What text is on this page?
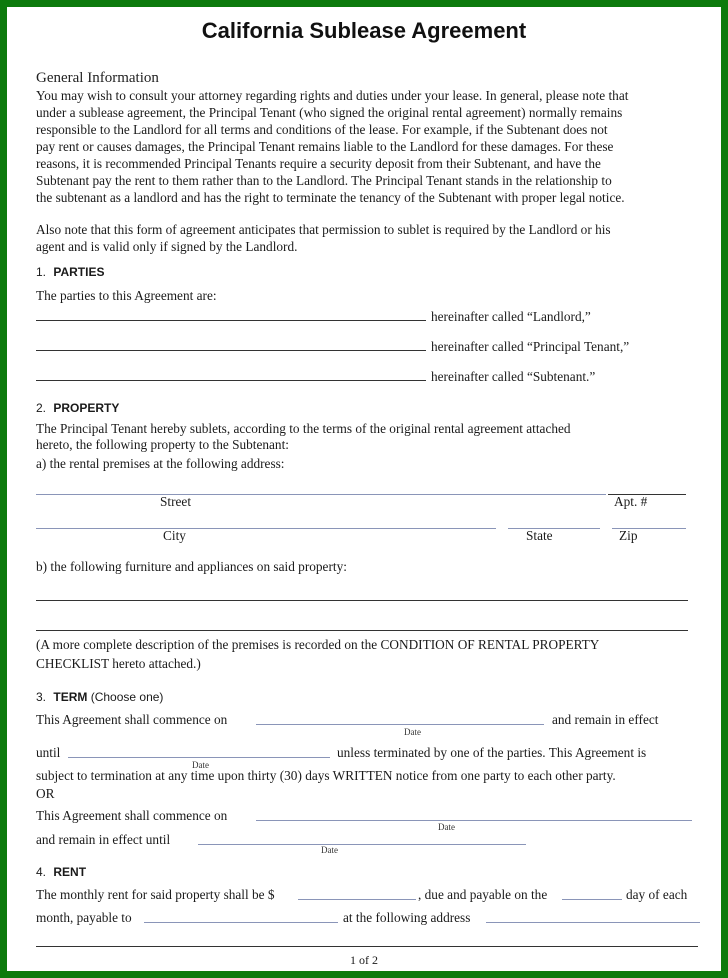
California Sublease Agreement
General Information
You may wish to consult your attorney regarding rights and duties under your lease. In general, please note that
under a sublease agreement, the Principal Tenant (who signed the original rental agreement) normally remains
responsible to the Landlord for all terms and conditions of the lease. For example, if the Subtenant does not
pay rent or causes damages, the Principal Tenant remains liable to the Landlord for these damages. For these
reasons, it is recommended Principal Tenants require a security deposit from their Subtenant, and have the
Subtenant pay the rent to them rather than to the Landlord. The Principal Tenant stands in the relationship to
the subtenant as a landlord and has the right to terminate the tenancy of the Subtenant with proper legal notice.
Also note that this form of agreement anticipates that permission to sublet is required by the Landlord or his
agent and is valid only if signed by the Landlord.
1. PARTIES
The parties to this Agreement are:
hereinafter called “Landlord,”
hereinafter called “Principal Tenant,”
hereinafter called “Subtenant.”
2. PROPERTY
The Principal Tenant hereby sublets, according to the terms of the original rental agreement attached
hereto, the following property to the Subtenant:
a) the rental premises at the following address:
Street	Apt. #
City	State	Zip
b) the following furniture and appliances on said property:
(A more complete description of the premises is recorded on the CONDITION OF RENTAL PROPERTY
CHECKLIST hereto attached.)
3. TERM (Choose one)
This Agreement shall commence on
Date
and remain in effect
until
Date
unless terminated by one of the parties. This Agreement is
subject to termination at any time upon thirty (30) days WRITTEN notice from one party to each other party.
OR
This Agreement shall commence on
Date
and remain in effect until
Date
4. RENT
The monthly rent for said property shall be $	, due and payable on the	day of each
month, payable to	at the following address
1 of 2
